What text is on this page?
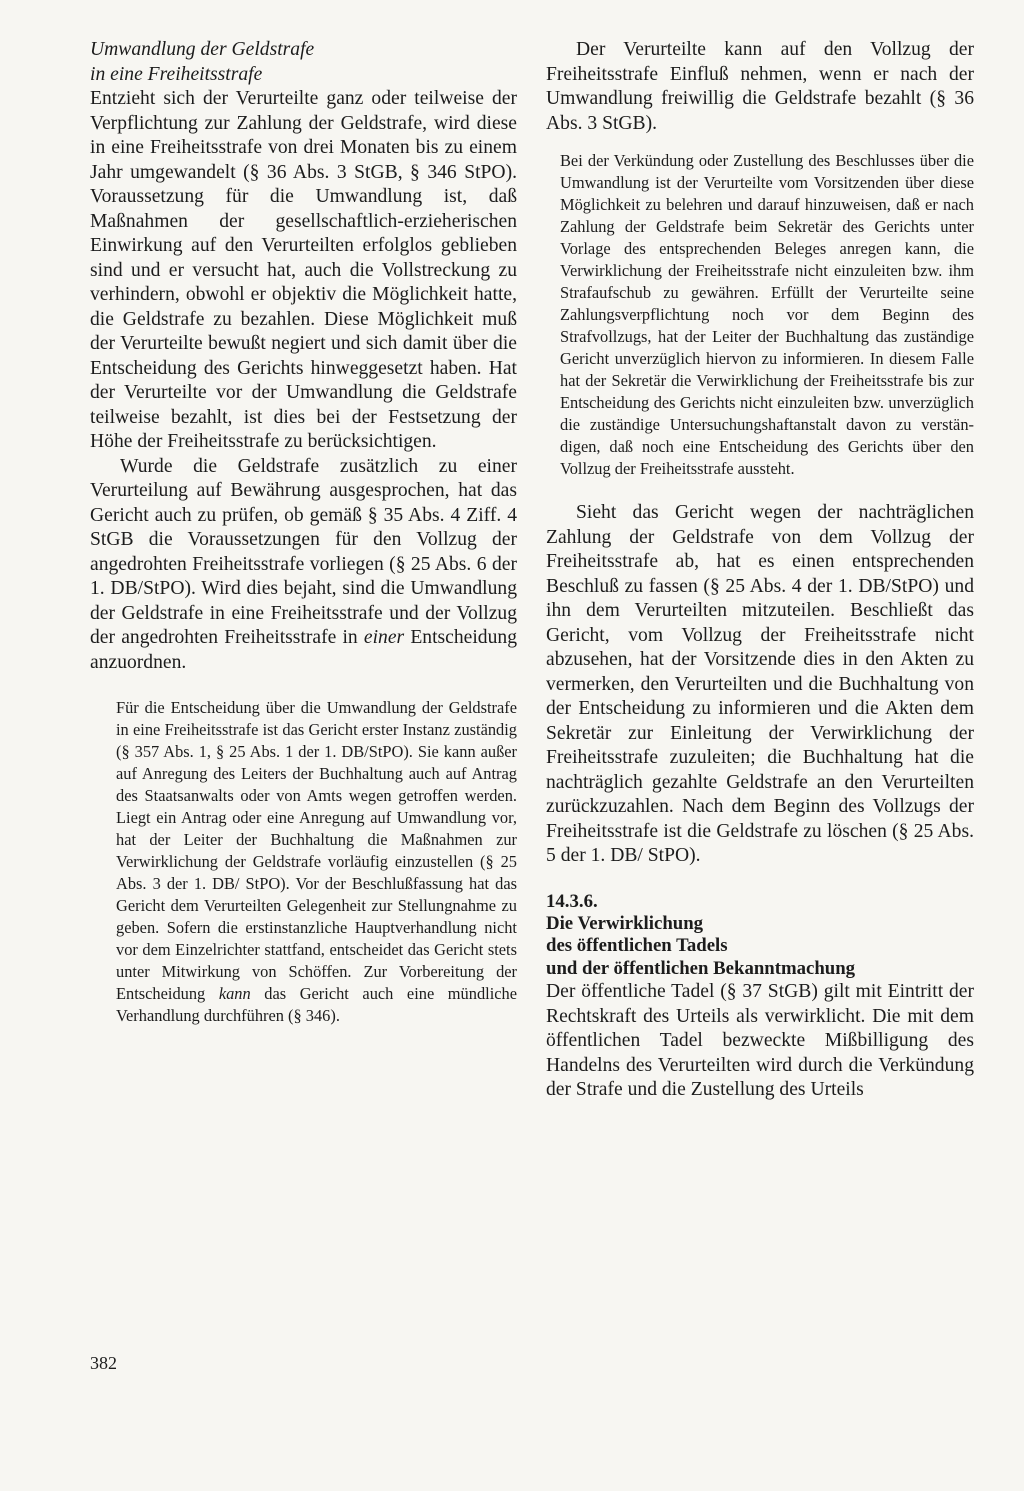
Umwandlung der Geldstrafe

in eine Freiheitsstrafe

Entzieht sich der Verurteilte ganz oder teilweise der Verpflichtung zur Zahlung der Geldstrafe, wird diese in eine Freiheitsstrafe von drei Monaten bis zu einem Jahr umgewandelt (§ 36 Abs. 3 StGB, § 346 StPO). Voraussetzung für die Umwandlung ist, daß Maßnahmen der gesellschaftlich-erzieherischen Einwirkung auf den Verurteilten erfolglos geblieben sind und er versucht hat, auch die Vollstreckung zu verhindern, obwohl er objektiv die Möglichkeit hatte, die Geldstrafe zu bezahlen. Diese Möglichkeit muß der Verurteilte bewußt negiert und sich damit über die Entscheidung des Gerichts hinweggesetzt haben. Hat der Verurteilte vor der Umwandlung die Geldstrafe teilweise bezahlt, ist dies bei der Festsetzung der Höhe der Freiheitsstrafe zu berücksichtigen.

Wurde die Geldstrafe zusätzlich zu einer Verurteilung auf Bewährung ausgesprochen, hat das Gericht auch zu prüfen, ob gemäß § 35 Abs. 4 Ziff. 4 StGB die Voraussetzungen für den Vollzug der angedrohten Freiheitsstrafe vorliegen (§ 25 Abs. 6 der 1. DB/StPO). Wird dies bejaht, sind die Umwandlung der Geldstrafe in eine Freiheitsstrafe und der Vollzug der angedrohten Freiheitsstrafe in einer Entscheidung anzuordnen.

Für die Entscheidung über die Umwandlung der Geldstrafe in eine Freiheitsstrafe ist das Gericht erster Instanz zuständig (§ 357 Abs. 1, § 25 Abs. 1 der 1. DB/StPO). Sie kann außer auf Anregung des Leiters der Buchhaltung auch auf Antrag des Staatsanwalts oder von Amts wegen getroffen werden. Liegt ein Antrag oder eine Anregung auf Umwandlung vor, hat der Leiter der Buchhaltung die Maßnahmen zur Verwirklichung der Geldstrafe vorläufig einzustellen (§ 25 Abs. 3 der 1. DB/ StPO). Vor der Beschlußfassung hat das Gericht dem Verurteilten Gelegenheit zur Stellungnahme zu geben. Sofern die erstinstanzliche Hauptverhandlung nicht vor dem Einzelrichter stattfand, entscheidet das Gericht stets unter Mitwirkung von Schöffen. Zur Vorbereitung der Entscheidung kann das Gericht auch eine mündliche Verhandlung durchführen (§ 346).

Der Verurteilte kann auf den Vollzug der Freiheitsstrafe Einfluß nehmen, wenn er nach der Umwandlung freiwillig die Geldstrafe bezahlt (§ 36 Abs. 3 StGB).

Bei der Verkündung oder Zustellung des Beschlusses über die Umwandlung ist der Verurteilte vom Vorsitzenden über diese Möglichkeit zu belehren und darauf hinzuweisen, daß er nach Zahlung der Geldstrafe beim Sekretär des Gerichts unter Vorlage des entsprechenden Beleges anregen kann, die Verwirklichung der Freiheitsstrafe nicht einzuleiten bzw. ihm Strafaufschub zu gewähren. Erfüllt der Verurteilte seine Zahlungsverpflichtung noch vor dem Beginn des Strafvollzugs, hat der Leiter der Buchhaltung das zuständige Gericht unverzüglich hiervon zu informieren. In diesem Falle hat der Sekretär die Verwirklichung der Freiheitsstrafe bis zur Entscheidung des Gerichts nicht einzuleiten bzw. unverzüglich die zuständige Untersuchungshaftanstalt davon zu verständigen, daß noch eine Entscheidung des Gerichts über den Vollzug der Freiheitsstrafe aussteht.

Sieht das Gericht wegen der nachträglichen Zahlung der Geldstrafe von dem Vollzug der Freiheitsstrafe ab, hat es einen entsprechenden Beschluß zu fassen (§ 25 Abs. 4 der 1. DB/StPO) und ihn dem Verurteilten mitzuteilen. Beschließt das Gericht, vom Vollzug der Freiheitsstrafe nicht abzusehen, hat der Vorsitzende dies in den Akten zu vermerken, den Verurteilten und die Buchhaltung von der Entscheidung zu informieren und die Akten dem Sekretär zur Einleitung der Verwirklichung der Freiheitsstrafe zuzuleiten; die Buchhaltung hat die nachträglich gezahlte Geldstrafe an den Verurteilten zurückzuzahlen. Nach dem Beginn des Vollzugs der Freiheitsstrafe ist die Geldstrafe zu löschen (§ 25 Abs. 5 der 1. DB/ StPO).

14.3.6.

Die Verwirklichung

des öffentlichen Tadels

und der öffentlichen Bekanntmachung

Der öffentliche Tadel (§ 37 StGB) gilt mit Eintritt der Rechtskraft des Urteils als verwirklicht. Die mit dem öffentlichen Tadel bezweckte Mißbilligung des Handelns des Verurteilten wird durch die Verkündung der Strafe und die Zustellung des Urteils

382
